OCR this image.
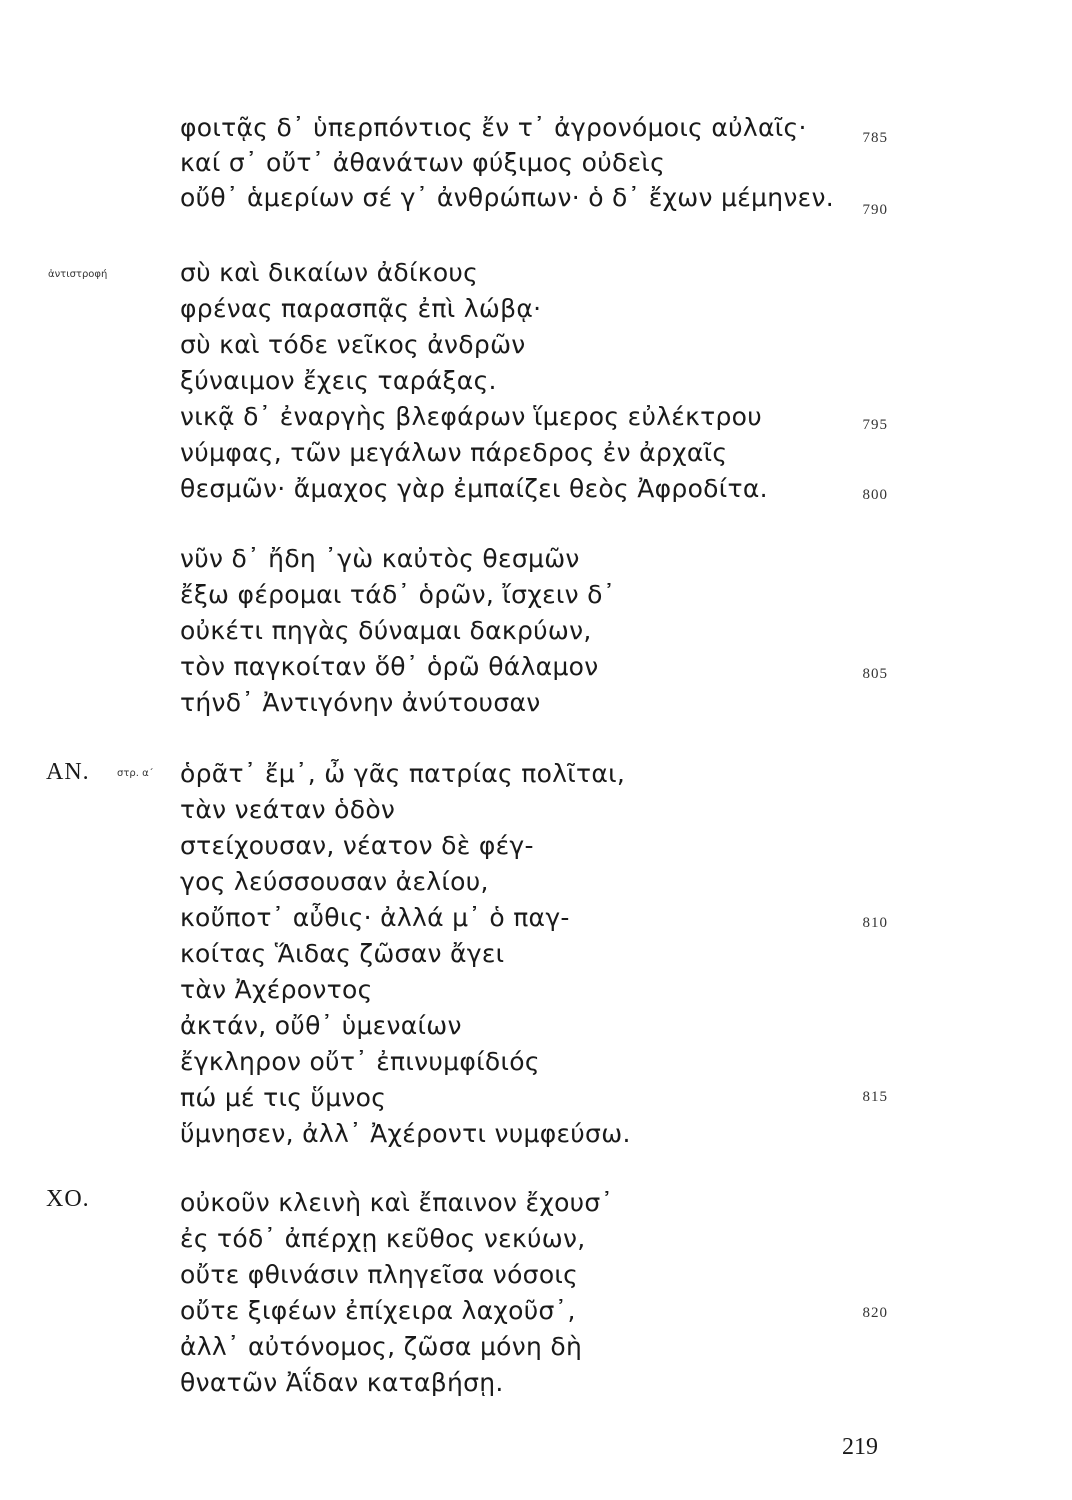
φοιτᾷς δ᾽ ὑπερπόντιος ἔν τ᾽ ἀγρονόμοις αὐλαῖς·
καί σ᾽ οὔτ᾽ ἀθανάτων φύξιμος οὐδεὶς
οὔθ᾽ ἁμερίων σέ γ᾽ ἀνθρώπων· ὁ δ᾽ ἔχων μέμηνεν.
785
790
ἀντιστροφή	σὺ καὶ δικαίων ἀδίκους
φρένας παρασπᾷς ἐπὶ λώβᾳ·
σὺ καὶ τόδε νεῖκος ἀνδρῶν
ξύναιμον ἔχεις ταράξας.
νικᾷ δ᾽ ἐναργὴς βλεφάρων ἵμερος εὐλέκτρου
νύμφας, τῶν μεγάλων πάρεδρος ἐν ἀρχαῖς
θεσμῶν· ἄμαχος γὰρ ἐμπαίζει θεὸς Ἀφροδίτα.
795
800
νῦν δ᾽ ἤδη ᾽γὼ καὐτὸς θεσμῶν
ἔξω φέρομαι τάδ᾽ ὁρῶν, ἴσχειν δ᾽
οὐκέτι πηγὰς δύναμαι δακρύων,
τὸν παγκοίταν ὅθ᾽ ὁρῶ θάλαμον
τήνδ᾽ Ἀντιγόνην ἀνύτουσαν
805
AN.	στρ. α´ ὁρᾶτ᾽ ἔμ᾽, ὦ γᾶς πατρίας πολῖται,
τὰν νεάταν ὁδὸν
στείχουσαν, νέατον δὲ φέγ-
γος λεύσσουσαν ἀελίου,
κοὔποτ᾽ αὖθις· ἀλλά μ᾽ ὁ παγ-
κοίτας Ἅιδας ζῶσαν ἄγει
τὰν Ἀχέροντος
ἀκτάν, οὔθ᾽ ὑμεναίων
ἔγκληρον οὔτ᾽ ἐπινυμφίδιός
πώ μέ τις ὕμνος
ὕμνησεν, ἀλλ᾽ Ἀχέροντι νυμφεύσω.
810
815
XO.	οὐκοῦν κλεινὴ καὶ ἔπαινον ἔχουσ᾽
ἐς τόδ᾽ ἀπέρχῃ κεῦθος νεκύων,
οὔτε φθινάσιν πληγεῖσα νόσοις
οὔτε ξιφέων ἐπίχειρα λαχοῦσ᾽,
ἀλλ᾽ αὐτόνομος, ζῶσα μόνη δὴ
θνατῶν Ἀΐδαν καταβήσῃ.
820
219
